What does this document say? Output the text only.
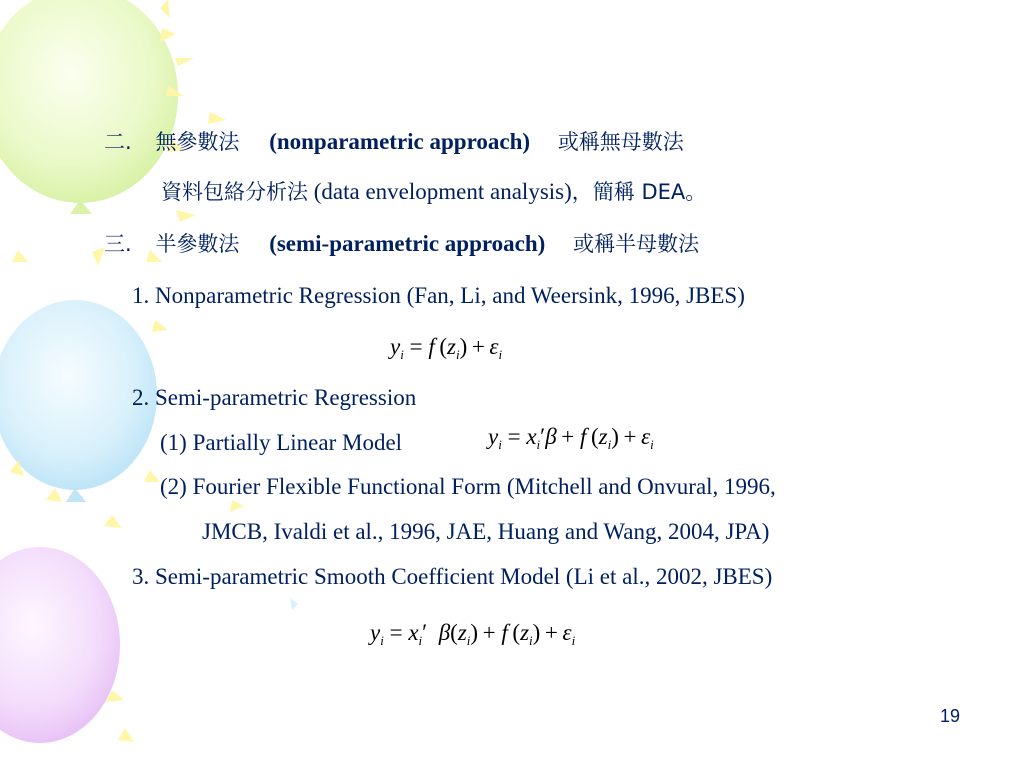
二. 無參數法 (nonparametric approach) 或稱無母數法
資料包絡分析法 (data envelopment analysis)，簡稱 DEA。
三. 半參數法 (semi-parametric approach) 或稱半母數法
1. Nonparametric Regression (Fan, Li, and Weersink, 1996, JBES)
$y_i = f$ $(z_i) + \varepsilon_i$
2. Semi-parametric Regression
(1) Partially Linear Model	$y_i = x_i'\beta + f$ $(z_i) + \varepsilon_i$
(2) Fourier Flexible Functional Form (Mitchell and Onvural, 1996,
JMCB, Ivaldi et al., 1996, JAE, Huang and Wang, 2004, JPA)
3. Semi-parametric Smooth Coefficient Model (Li et al., 2002, JBES)
$y_i = x_i'$  $\beta(z_i) + f$ $(z_i) + \varepsilon_i$
19
